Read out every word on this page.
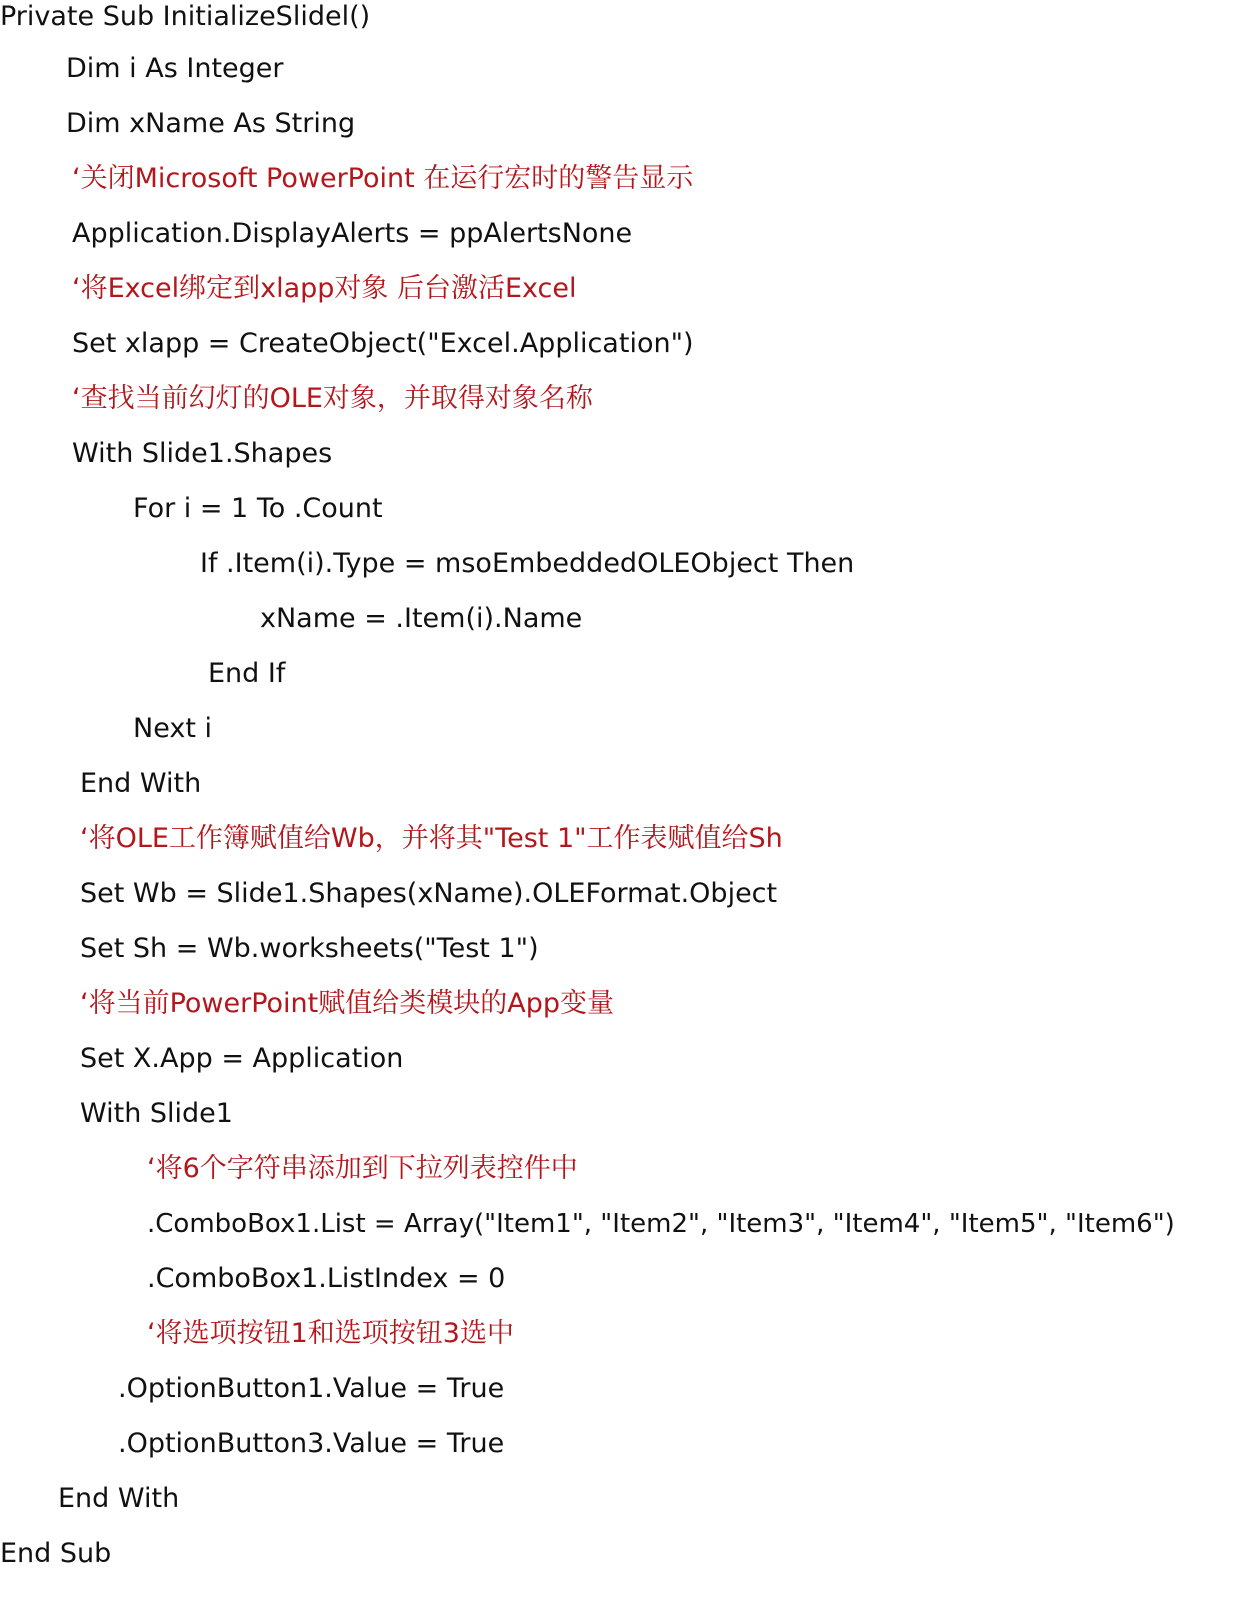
Private Sub InitializeSlidel()
Dim i As Integer
Dim xName As String
‘关闭Microsoft PowerPoint 在运行宏时的警告显示
Application.DisplayAlerts = ppAlertsNone
‘将Excel绑定到xlapp对象 后台激活Excel
Set xlapp = CreateObject("Excel.Application")
‘查找当前幻灯的OLE对象，并取得对象名称
With Slide1.Shapes
For i = 1 To .Count
If .Item(i).Type = msoEmbeddedOLEObject Then
xName = .Item(i).Name
End If
Next i
End With
‘将OLE工作簿赋值给Wb，并将其"Test 1"工作表赋值给Sh
Set Wb = Slide1.Shapes(xName).OLEFormat.Object
Set Sh = Wb.worksheets("Test 1")
‘将当前PowerPoint赋值给类模块的App变量
Set X.App = Application
With Slide1
‘将6个字符串添加到下拉列表控件中
.ComboBox1.List = Array("Item1", "Item2", "Item3", "Item4", "Item5", "Item6")
.ComboBox1.ListIndex = 0
‘将选项按钮1和选项按钮3选中
.OptionButton1.Value = True
.OptionButton3.Value = True
End With
End Sub
